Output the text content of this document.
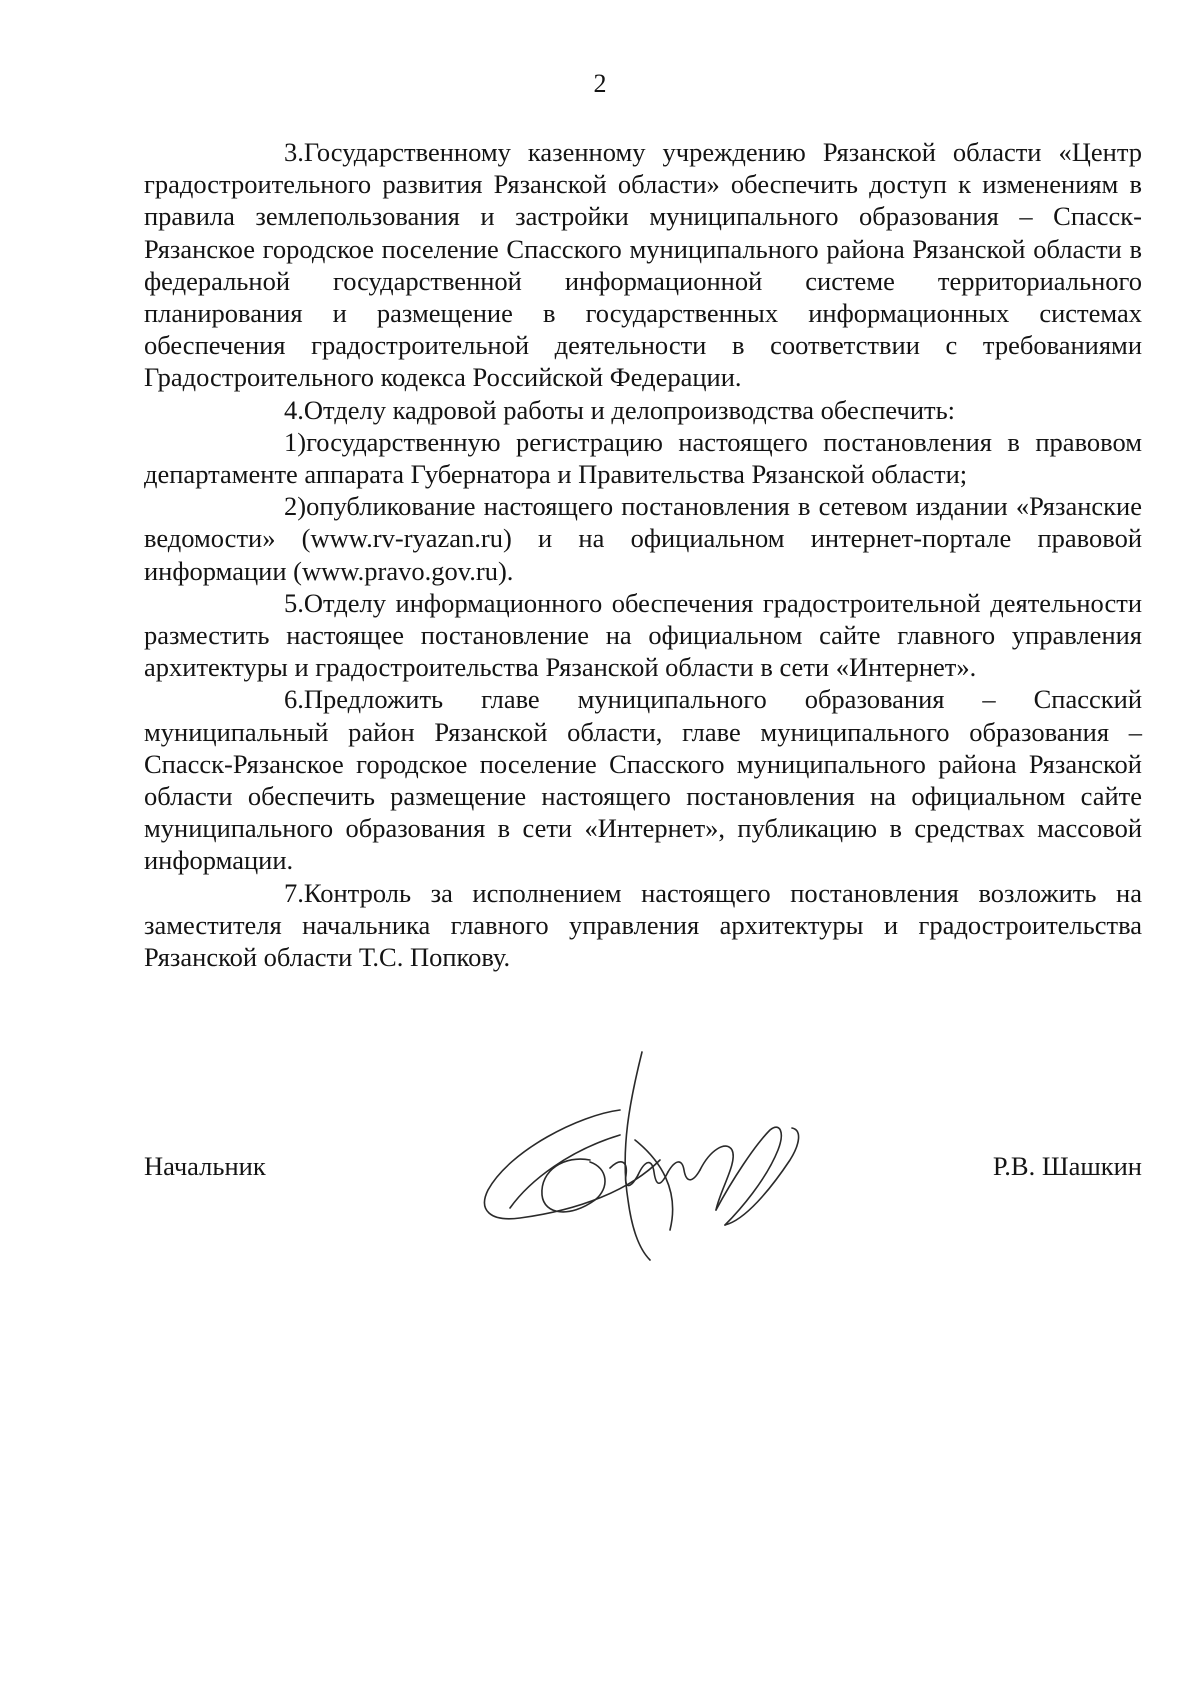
2

3.Государственному казенному учреждению Рязанской области «Центр градостроительного развития Рязанской области» обеспечить доступ к изменениям в правила землепользования и застройки муниципального образования – Спасск-Рязанское городское поселение Спасского муниципального района Рязанской области в федеральной государственной информационной системе территориального планирования и размещение в государственных информационных системах обеспечения градостроительной деятельности в соответствии с требованиями Градостроительного кодекса Российской Федерации.

4.Отделу кадровой работы и делопроизводства обеспечить:

1)государственную регистрацию настоящего постановления в правовом департаменте аппарата Губернатора и Правительства Рязанской области;

2)опубликование настоящего постановления в сетевом издании «Рязанские ведомости» (www.rv-ryazan.ru) и на официальном интернет-портале правовой информации (www.pravo.gov.ru).

5.Отделу информационного обеспечения градостроительной деятельности разместить настоящее постановление на официальном сайте главного управления архитектуры и градостроительства Рязанской области в сети «Интернет».

6.Предложить главе муниципального образования – Спасский муниципальный район Рязанской области, главе муниципального образования – Спасск-Рязанское городское поселение Спасского муниципального района Рязанской области обеспечить размещение настоящего постановления на официальном сайте муниципального образования в сети «Интернет», публикацию в средствах массовой информации.

7.Контроль за исполнением настоящего постановления возложить на заместителя начальника главного управления архитектуры и градостроительства Рязанской области Т.С. Попкову.

Начальник	Р.В. Шашкин
